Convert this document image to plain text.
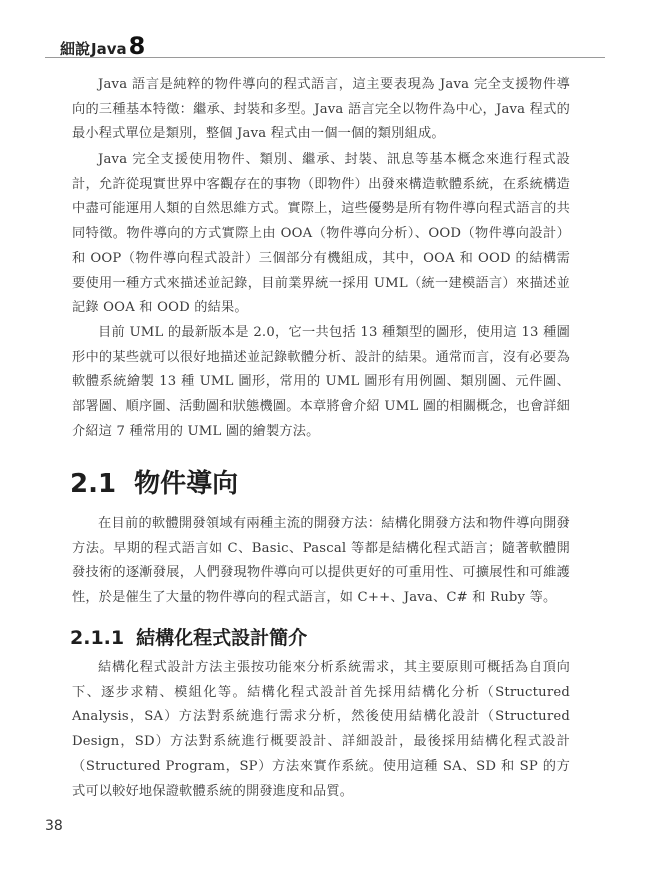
細說 Java 8

Java 語言是純粹的物件導向的程式語言，這主要表現為 Java 完全支援物件導向的三種基本特徵：繼承、封裝和多型。Java 語言完全以物件為中心，Java 程式的最小程式單位是類別，整個 Java 程式由一個一個的類別組成。

Java 完全支援使用物件、類別、繼承、封裝、訊息等基本概念來進行程式設計，允許從現實世界中客觀存在的事物（即物件）出發來構造軟體系統，在系統構造中盡可能運用人類的自然思維方式。實際上，這些優勢是所有物件導向程式語言的共同特徵。物件導向的方式實際上由 OOA（物件導向分析）、OOD（物件導向設計）和 OOP（物件導向程式設計）三個部分有機組成，其中，OOA 和 OOD 的結構需要使用一種方式來描述並記錄，目前業界統一採用 UML（統一建模語言）來描述並記錄 OOA 和 OOD 的結果。

目前 UML 的最新版本是 2.0，它一共包括 13 種類型的圖形，使用這 13 種圖形中的某些就可以很好地描述並記錄軟體分析、設計的結果。通常而言，沒有必要為軟體系統繪製 13 種 UML 圖形，常用的 UML 圖形有用例圖、類別圖、元件圖、部署圖、順序圖、活動圖和狀態機圖。本章將會介紹 UML 圖的相關概念，也會詳細介紹這 7 種常用的 UML 圖的繪製方法。

2.1 物件導向

在目前的軟體開發領域有兩種主流的開發方法：結構化開發方法和物件導向開發方法。早期的程式語言如 C、Basic、Pascal 等都是結構化程式語言；隨著軟體開發技術的逐漸發展，人們發現物件導向可以提供更好的可重用性、可擴展性和可維護性，於是催生了大量的物件導向的程式語言，如 C++、Java、C# 和 Ruby 等。

2.1.1 結構化程式設計簡介

結構化程式設計方法主張按功能來分析系統需求，其主要原則可概括為自頂向下、逐步求精、模組化等。結構化程式設計首先採用結構化分析（Structured Analysis，SA）方法對系統進行需求分析，然後使用結構化設計（Structured Design，SD）方法對系統進行概要設計、詳細設計，最後採用結構化程式設計（Structured Program，SP）方法來實作系統。使用這種 SA、SD 和 SP 的方式可以較好地保證軟體系統的開發進度和品質。

38
